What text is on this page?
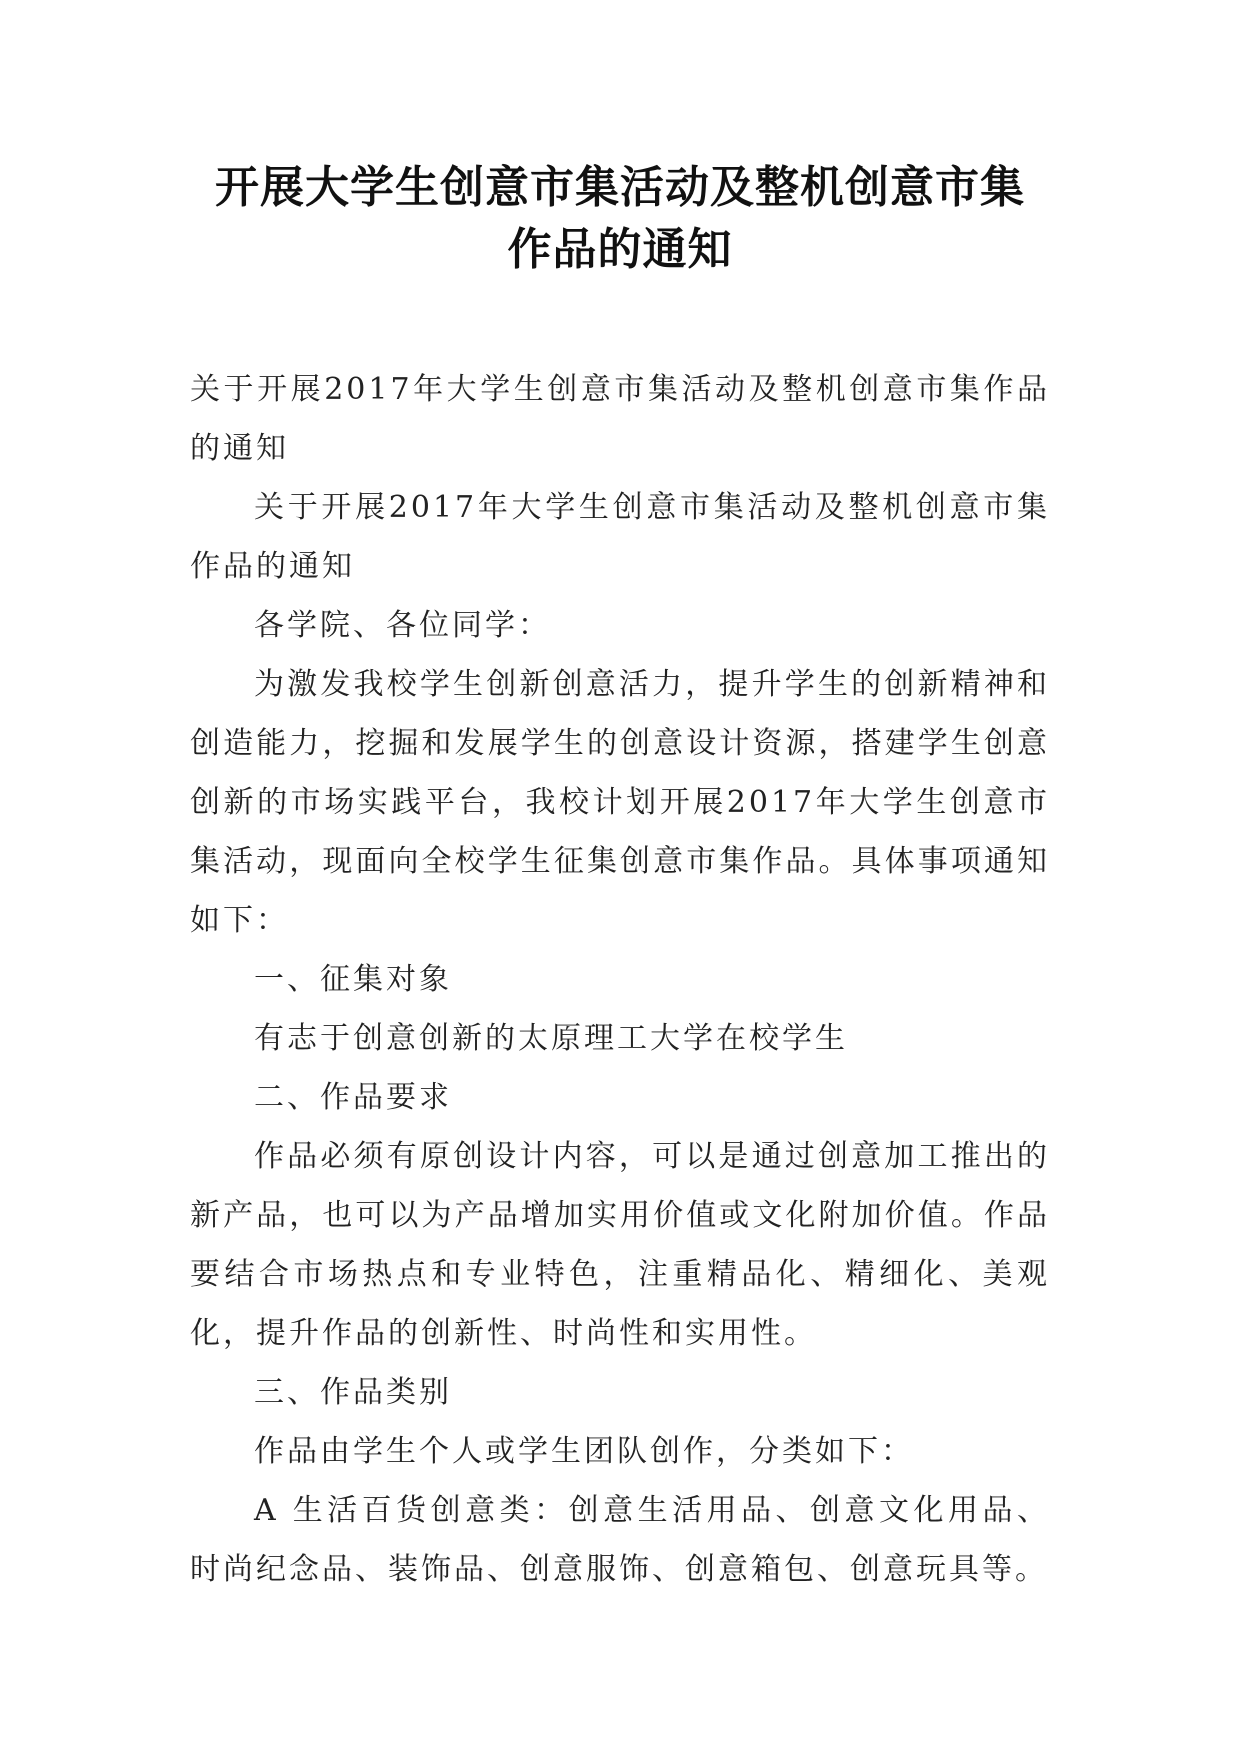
开展大学生创意市集活动及整机创意市集
作品的通知

关于开展2017年大学生创意市集活动及整机创意市集作品的通知

关于开展2017年大学生创意市集活动及整机创意市集作品的通知

各学院、各位同学：

为激发我校学生创新创意活力，提升学生的创新精神和创造能力，挖掘和发展学生的创意设计资源，搭建学生创意创新的市场实践平台，我校计划开展2017年大学生创意市集活动，现面向全校学生征集创意市集作品。具体事项通知如下：

一、征集对象

有志于创意创新的太原理工大学在校学生

二、作品要求

作品必须有原创设计内容，可以是通过创意加工推出的新产品，也可以为产品增加实用价值或文化附加价值。作品要结合市场热点和专业特色，注重精品化、精细化、美观化，提升作品的创新性、时尚性和实用性。

三、作品类别

作品由学生个人或学生团队创作，分类如下：

A 生活百货创意类：创意生活用品、创意文化用品、时尚纪念品、装饰品、创意服饰、创意箱包、创意玩具等。
